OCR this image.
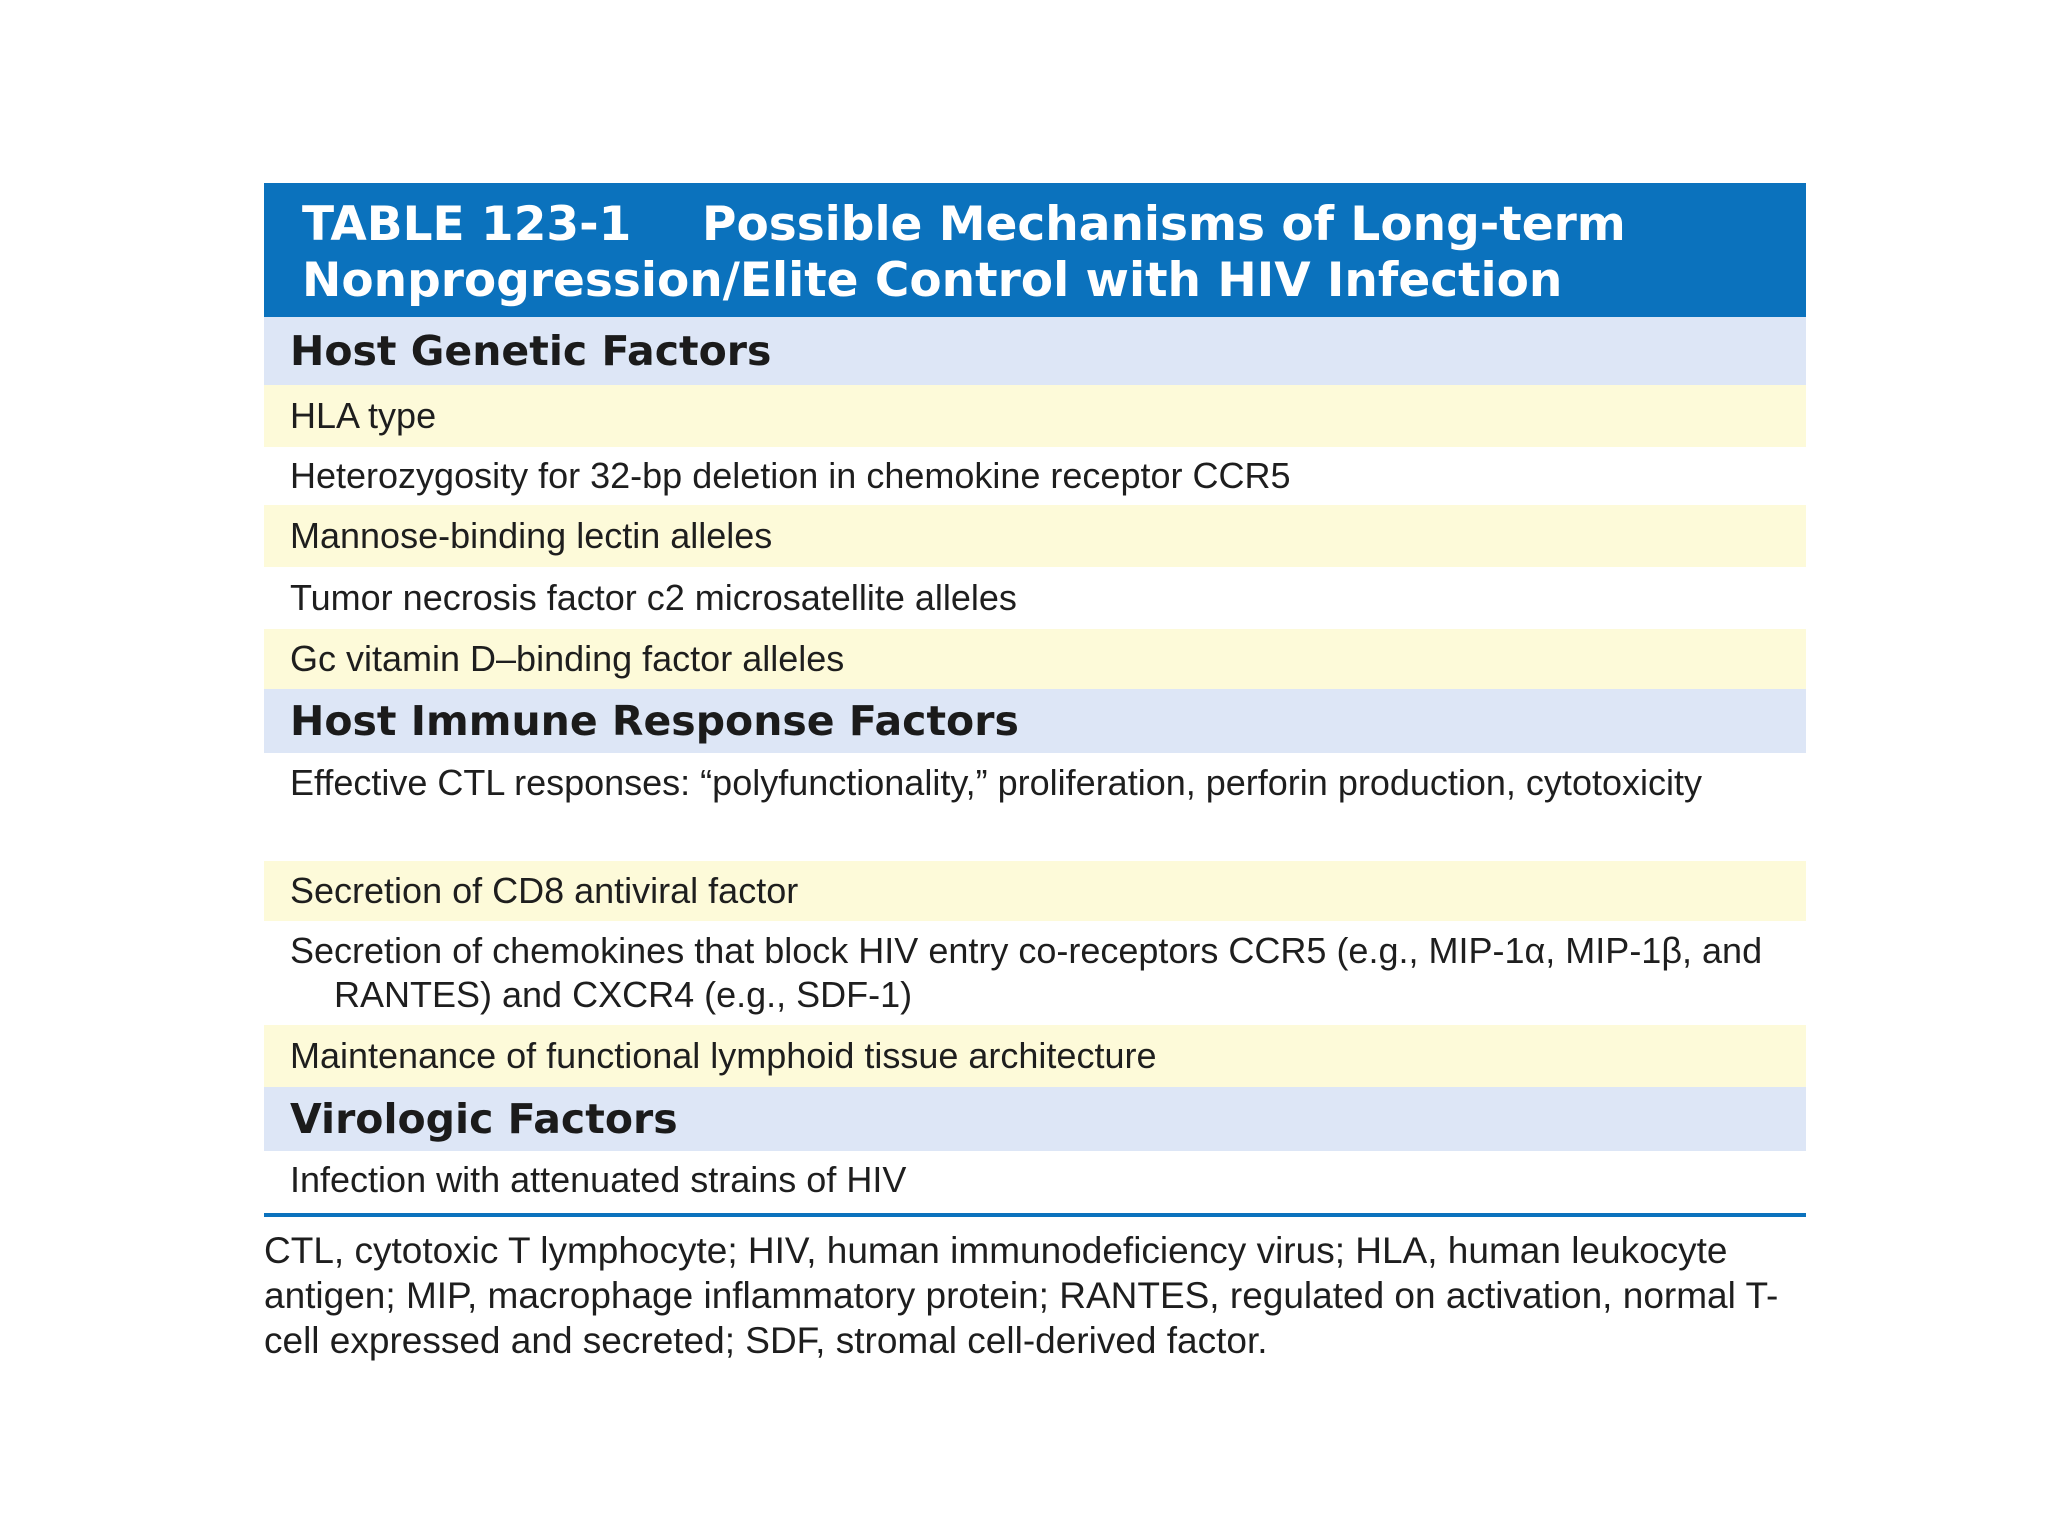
TABLE 123-1 Possible Mechanisms of Long-term
Nonprogression/Elite Control with HIV Infection
Host Genetic Factors
HLA type
Heterozygosity for 32-bp deletion in chemokine receptor CCR5
Mannose-binding lectin alleles
Tumor necrosis factor c2 microsatellite alleles
Gc vitamin D–binding factor alleles
Host Immune Response Factors
Effective CTL responses: “polyfunctionality,” proliferation, perforin production, cytotoxicity
Secretion of CD8 antiviral factor
Secretion of chemokines that block HIV entry co-receptors CCR5 (e.g., MIP-1α, MIP-1β, and RANTES) and CXCR4 (e.g., SDF-1)
Maintenance of functional lymphoid tissue architecture
Virologic Factors
Infection with attenuated strains of HIV
CTL, cytotoxic T lymphocyte; HIV, human immunodeficiency virus; HLA, human leukocyte antigen; MIP, macrophage inflammatory protein; RANTES, regulated on activation, normal T-cell expressed and secreted; SDF, stromal cell-derived factor.
